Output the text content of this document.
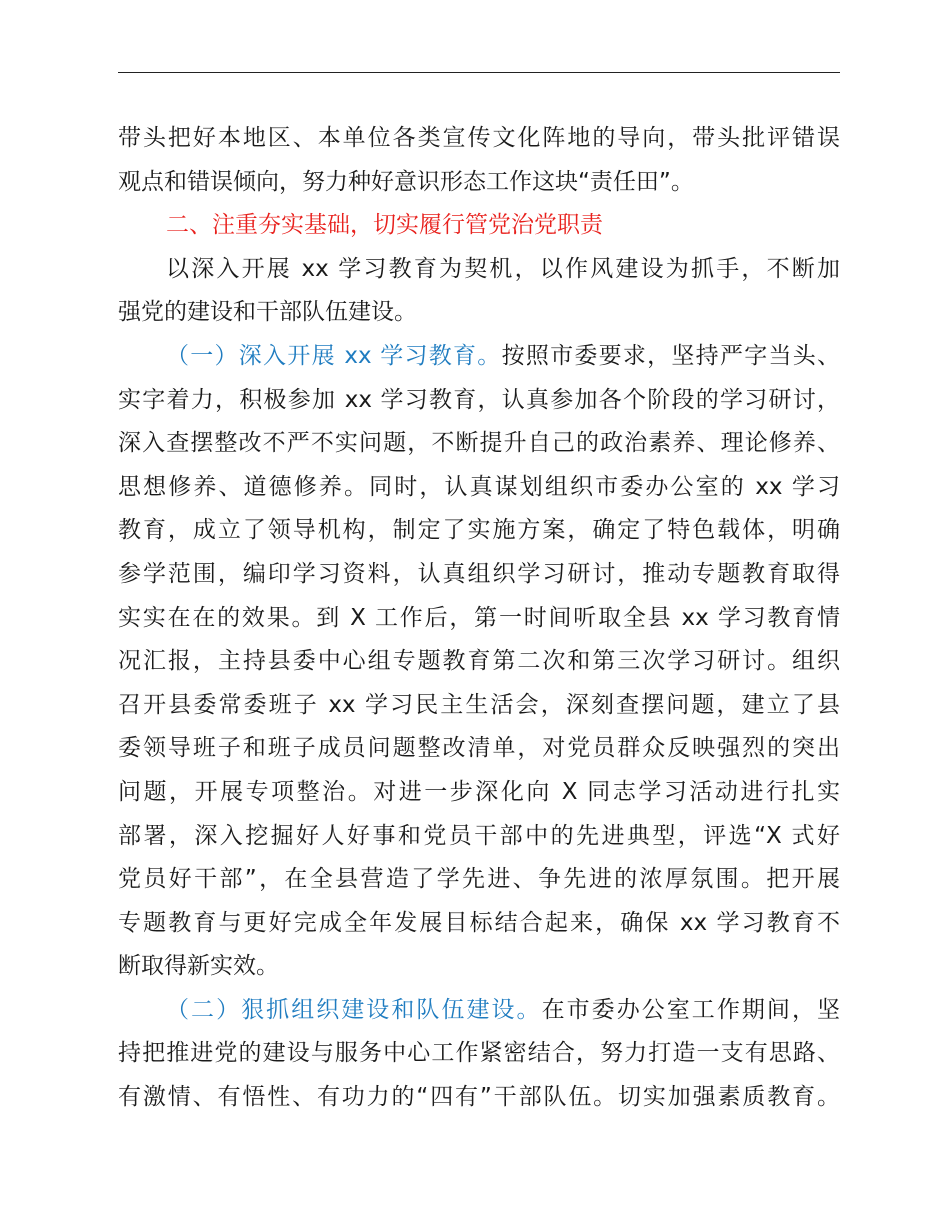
带头把好本地区、本单位各类宣传文化阵地的导向，带头批评错误
观点和错误倾向，努力种好意识形态工作这块“责任田”。
二、注重夯实基础，切实履行管党治党职责
以深入开展 xx 学习教育为契机，以作风建设为抓手，不断加
强党的建设和干部队伍建设。
（一）深入开展 xx 学习教育。按照市委要求，坚持严字当头、
实字着力，积极参加 xx 学习教育，认真参加各个阶段的学习研讨，
深入查摆整改不严不实问题，不断提升自己的政治素养、理论修养、
思想修养、道德修养。同时，认真谋划组织市委办公室的 xx 学习
教育，成立了领导机构，制定了实施方案，确定了特色载体，明确
参学范围，编印学习资料，认真组织学习研讨，推动专题教育取得
实实在在的效果。到 X 工作后，第一时间听取全县 xx 学习教育情
况汇报，主持县委中心组专题教育第二次和第三次学习研讨。组织
召开县委常委班子 xx 学习民主生活会，深刻查摆问题，建立了县
委领导班子和班子成员问题整改清单，对党员群众反映强烈的突出
问题，开展专项整治。对进一步深化向 X 同志学习活动进行扎实
部署，深入挖掘好人好事和党员干部中的先进典型，评选“X 式好
党员好干部”，在全县营造了学先进、争先进的浓厚氛围。把开展
专题教育与更好完成全年发展目标结合起来，确保 xx 学习教育不
断取得新实效。
（二）狠抓组织建设和队伍建设。在市委办公室工作期间，坚
持把推进党的建设与服务中心工作紧密结合，努力打造一支有思路、
有激情、有悟性、有功力的“四有”干部队伍。切实加强素质教育。
